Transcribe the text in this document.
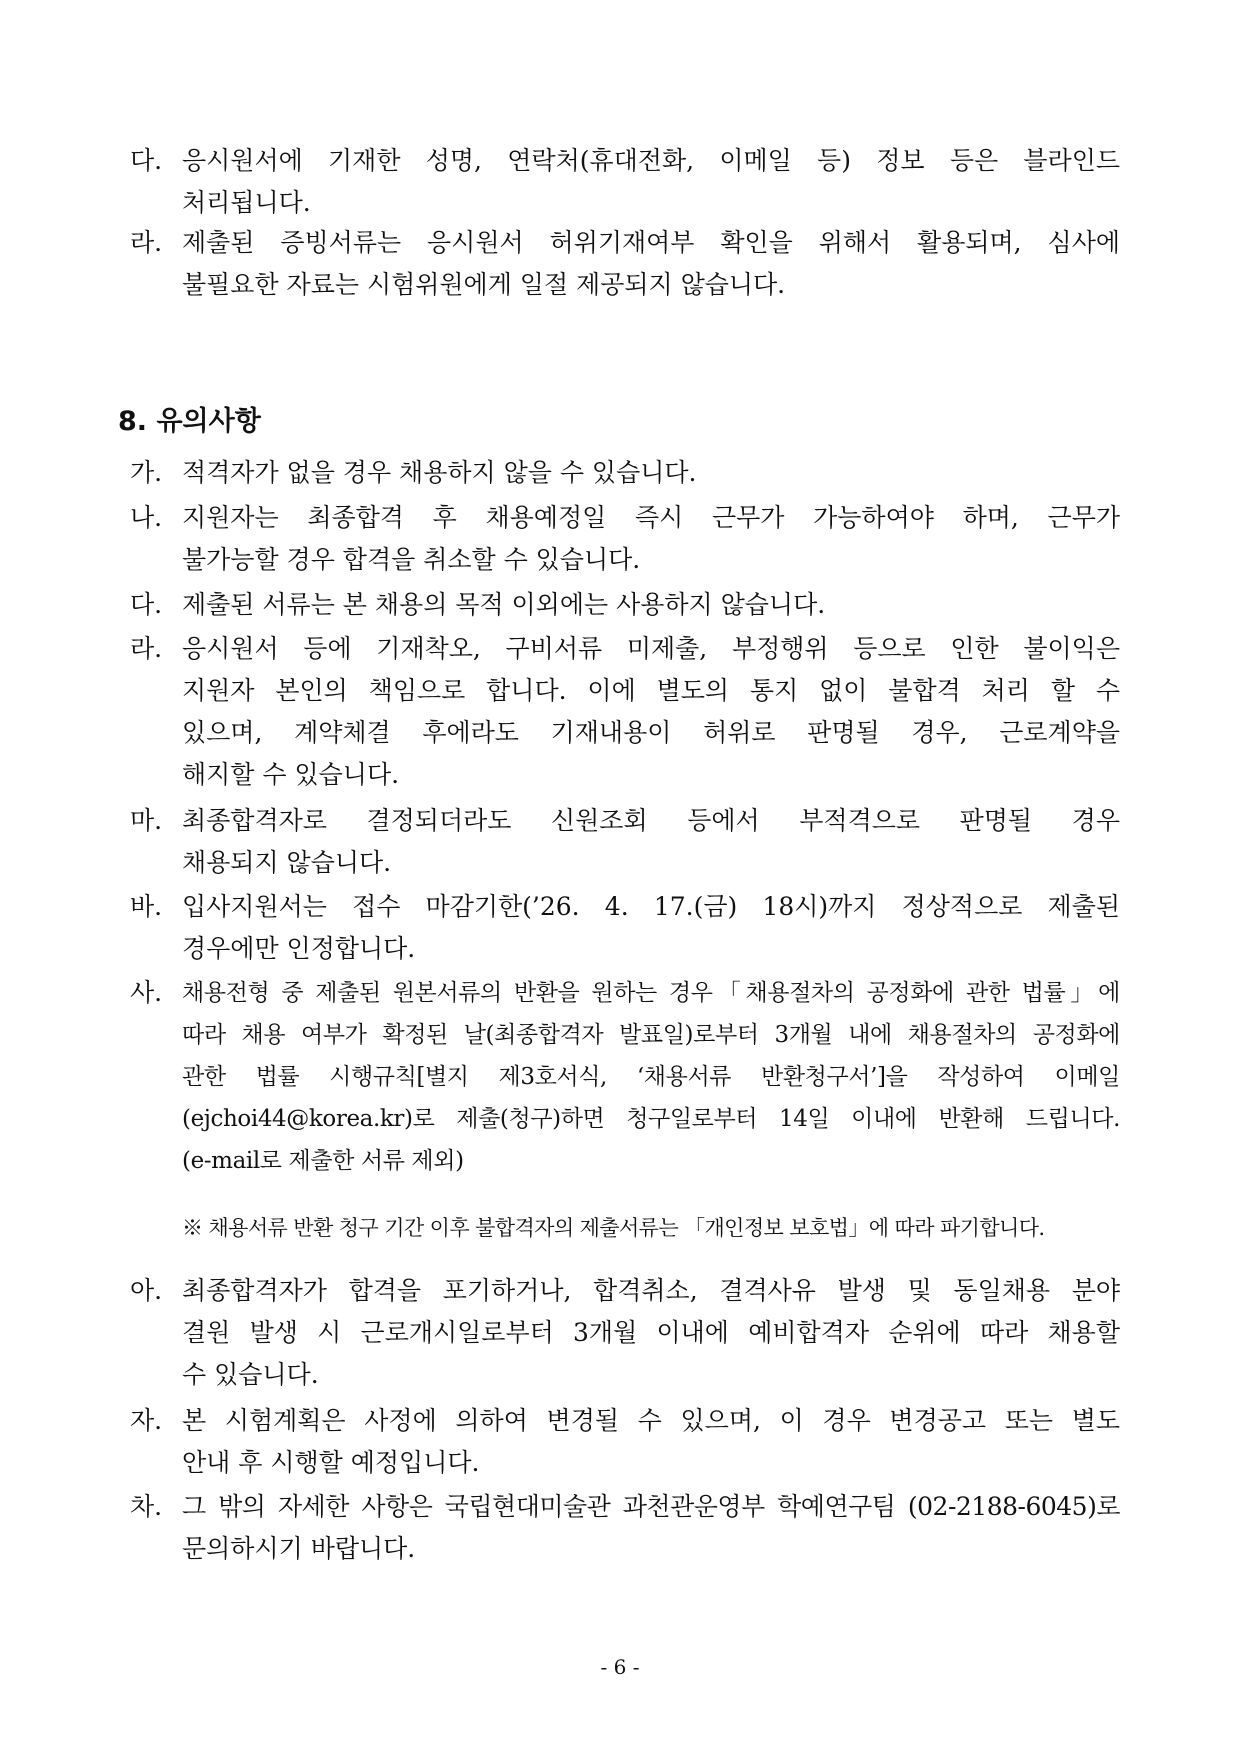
다. 응시원서에 기재한 성명, 연락처(휴대전화, 이메일 등) 정보 등은 블라인드
처리됩니다.
라. 제출된 증빙서류는 응시원서 허위기재여부 확인을 위해서 활용되며, 심사에
불필요한 자료는 시험위원에게 일절 제공되지 않습니다.
8. 유의사항
가. 적격자가 없을 경우 채용하지 않을 수 있습니다.
나. 지원자는 최종합격 후 채용예정일 즉시 근무가 가능하여야 하며, 근무가
불가능할 경우 합격을 취소할 수 있습니다.
다. 제출된 서류는 본 채용의 목적 이외에는 사용하지 않습니다.
라. 응시원서 등에 기재착오, 구비서류 미제출, 부정행위 등으로 인한 불이익은
지원자 본인의 책임으로 합니다. 이에 별도의 통지 없이 불합격 처리 할 수
있으며, 계약체결 후에라도 기재내용이 허위로 판명될 경우, 근로계약을
해지할 수 있습니다.
마. 최종합격자로 결정되더라도 신원조회 등에서 부적격으로 판명될 경우
채용되지 않습니다.
바. 입사지원서는 접수 마감기한(’26. 4. 17.(금) 18시)까지 정상적으로 제출된
경우에만 인정합니다.
사. 채용전형 중 제출된 원본서류의 반환을 원하는 경우「채용절차의 공정화에 관한 법률」에
따라 채용 여부가 확정된 날(최종합격자 발표일)로부터 3개월 내에 채용절차의 공정화에
관한 법률 시행규칙[별지 제3호서식, ‘채용서류 반환청구서’]을 작성하여 이메일
(ejchoi44@korea.kr)로 제출(청구)하면 청구일로부터 14일 이내에 반환해 드립니다.
(e-mail로 제출한 서류 제외)
※ 채용서류 반환 청구 기간 이후 불합격자의 제출서류는 「개인정보 보호법」에 따라 파기합니다.
아. 최종합격자가 합격을 포기하거나, 합격취소, 결격사유 발생 및 동일채용 분야
결원 발생 시 근로개시일로부터 3개월 이내에 예비합격자 순위에 따라 채용할
수 있습니다.
자. 본 시험계획은 사정에 의하여 변경될 수 있으며, 이 경우 변경공고 또는 별도
안내 후 시행할 예정입니다.
차. 그 밖의 자세한 사항은 국립현대미술관 과천관운영부 학예연구팀 (02-2188-6045)로
문의하시기 바랍니다.
- 6 -
